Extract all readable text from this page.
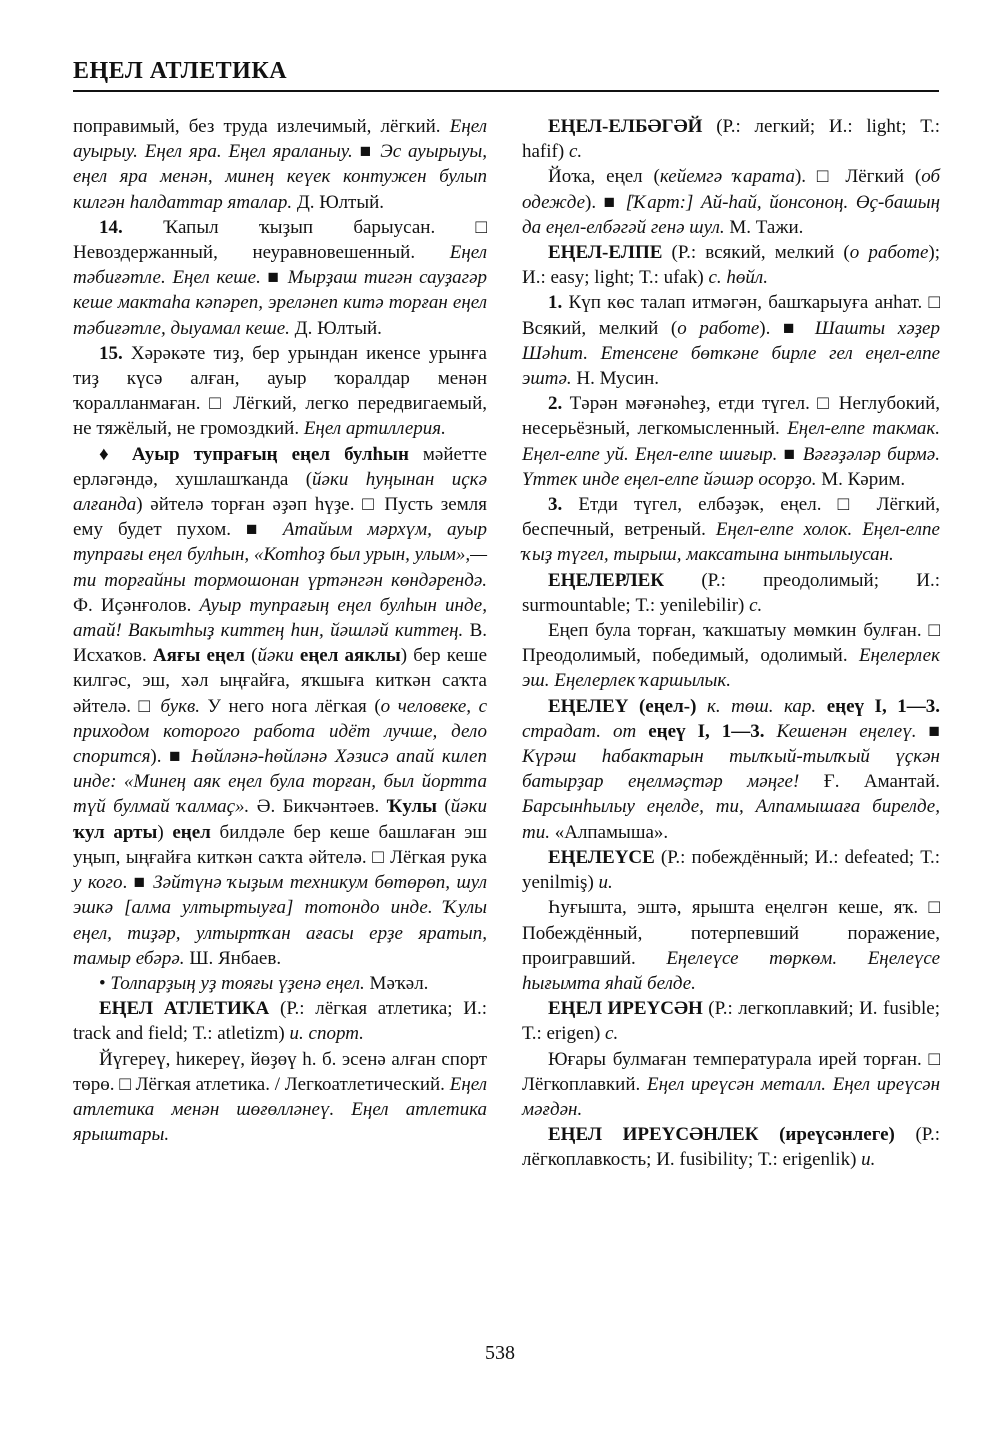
ЕҢЕЛ АТЛЕТИКА

поправимый, без труда излечимый, лёгкий. Еңел ауырыу. Еңел яра. Еңел яраланыу. ■ Эс ауырыуы, еңел яра менән, минең кеүек контужен булып килгән һалдаттар яталар. Д. Юлтый.

14. Ҡапыл ҡыҙып барыусан. □ Невоздержанный, неуравновешенный. Еңел тәбиғәтле. Еңел кеше. ■ Мырҙаш тигән сауҙагәр кеше мактаһа кәпәреп, эреләнеп китә торған еңел тәбиғәтле, дыуамал кеше. Д. Юлтый.

15. Хәрәкәте тиҙ, бер урындан икенсе урынға тиҙ күсә алған, ауыр ҡоралдар менән ҡоралланмаған. □ Лёгкий, легко передвигаемый, не тяжёлый, не громоздкий. Еңел артиллерия.

♦ Ауыр тупрағың еңел булһын мәйетте ерләгәндә, хушлашҡанда (йәки һуңынан иҫкә алғанда) әйтелә торған әҙәп һүҙе. □ Пусть земля ему будет пухом. ■ Атайым мәрхүм, ауыр тупрағы еңел булһын, «Котһоҙ был урын, улым»,— ти торғайны тормошонан үртәнгән көндәрендә. Ф. Иҫәнғолов. Ауыр тупрағың еңел булһын инде, атай! Вакытһыҙ киттең һин, йәшләй киттең. В. Исхаҡов. Аяғы еңел (йәки еңел аяклы) бер кеше килгәс, эш, хәл ыңғайға, яҡшыға киткән саҡта әйтелә. □ букв. У него нога лёгкая (о человеке, с приходом которого работа идёт лучше, дело спорится). ■ Һөйләнә-һөйләнә Хәзисә апай килеп инде: «Минең аяк еңел була торған, был йортта түй булмай ҡалмаҫ». Ә. Бикчәнтәев. Ҡулы (йәки ҡул арты) еңел билдәле бер кеше башлаған эш уңып, ыңғайға киткән саҡта әйтелә. □ Лёгкая рука у кого. ■ Зәйтүнә ҡыҙым техникум бөтөрөп, шул эшкә [алма ултыртыуға] тотондо инде. Ҡулы еңел, тиҙәр, ултыртҡан ағасы ерҙе яратып, тамыр ебәрә. Ш. Янбаев.

• Толпарҙың уҙ тояғы үҙенә еңел. Мәҡәл.

ЕҢЕЛ АТЛЕТИКА (Р.: лёгкая атлетика; И.: track and field; Т.: atletizm) и. спорт.

Йүгереү, һикереү, йөҙөү һ. б. эсенә алған спорт төрө. □ Лёгкая атлетика. / Легкоатлетический. Еңел атлетика менән шөғөлләнеү. Еңел атлетика ярыштары.

ЕҢЕЛ-ЕЛБӘГӘЙ (Р.: легкий; И.: light; Т.: hafif) с.

Йоҡа, еңел (кейемгә ҡарата). □ Лёгкий (об одежде). ■ [Ҡарт:] Ай-һай, йонсоноң. Өҫ-башың да еңел-елбәгәй генә шул. М. Тажи.

ЕҢЕЛ-ЕЛПЕ (Р.: всякий, мелкий (о работе); И.: easy; light; Т.: ufak) с. һөйл.

1. Күп көс талап итмәгән, башҡарыуға анһат. □ Всякий, мелкий (о работе). ■ Шашты хәҙер Шәһит. Етенсене бөткәне бирле гел еңел-елпе эштә. Н. Мусин.

2. Тәрән мәғәнәһеҙ, етди түгел. □ Неглубокий, несерьёзный, легкомысленный. Еңел-елпе такмак. Еңел-елпе уй. Еңел-елпе шиғыр. ■ Вәғәҙәләр бирмә. Үттек инде еңел-елпе йәшәр осорҙо. М. Кәрим.

3. Етди түгел, елбәҙәк, еңел. □ Лёгкий, беспечный, ветреный. Еңел-елпе холок. Еңел-елпе ҡыҙ түгел, тырыш, максатына ынтылыусан.

ЕҢЕЛЕРЛЕК (Р.: преодолимый; И.: surmountable; Т.: yenilebilir) с.

Еңеп була торған, ҡаҡшатыу мөмкин булған. □ Преодолимый, победимый, одолимый. Еңелерлек эш. Еңелерлек ҡаршылык.

ЕҢЕЛЕҮ (еңел-) к. төш. кар. еңеү I, 1—3. страдат. от еңеү I, 1—3. Кешенән еңелеү. ■ Күрәш һабактарын тылҡый-тылҡый үҫкән батырҙар еңелмәҫтәр мәңге! Ғ. Амантай. Барсынһылыу еңелде, ти, Алпамышаға бирелде, ти. «Алпамыша».

ЕҢЕЛЕҮСЕ (Р.: побеждённый; И.: defeated; Т.: yenilmiş) и.

Һуғышта, эштә, ярышта еңелгән кеше, яҡ. □ Побеждённый, потерпевший поражение, проигравший. Еңелеүсе төркөм. Еңелеүсе һығымта яһай белде.

ЕҢЕЛ ИРЕҮСӘН (Р.: легкоплавкий; И. fusible; Т.: erigen) с.

Юғары булмаған температурала ирей торған. □ Лёгкоплавкий. Еңел иреүсән металл. Еңел иреүсән мәғдән.

ЕҢЕЛ ИРЕҮСӘНЛЕК (иреүсәнлеге) (Р.: лёгкоплавкость; И. fusibility; Т.: erigenlik) и.

538
